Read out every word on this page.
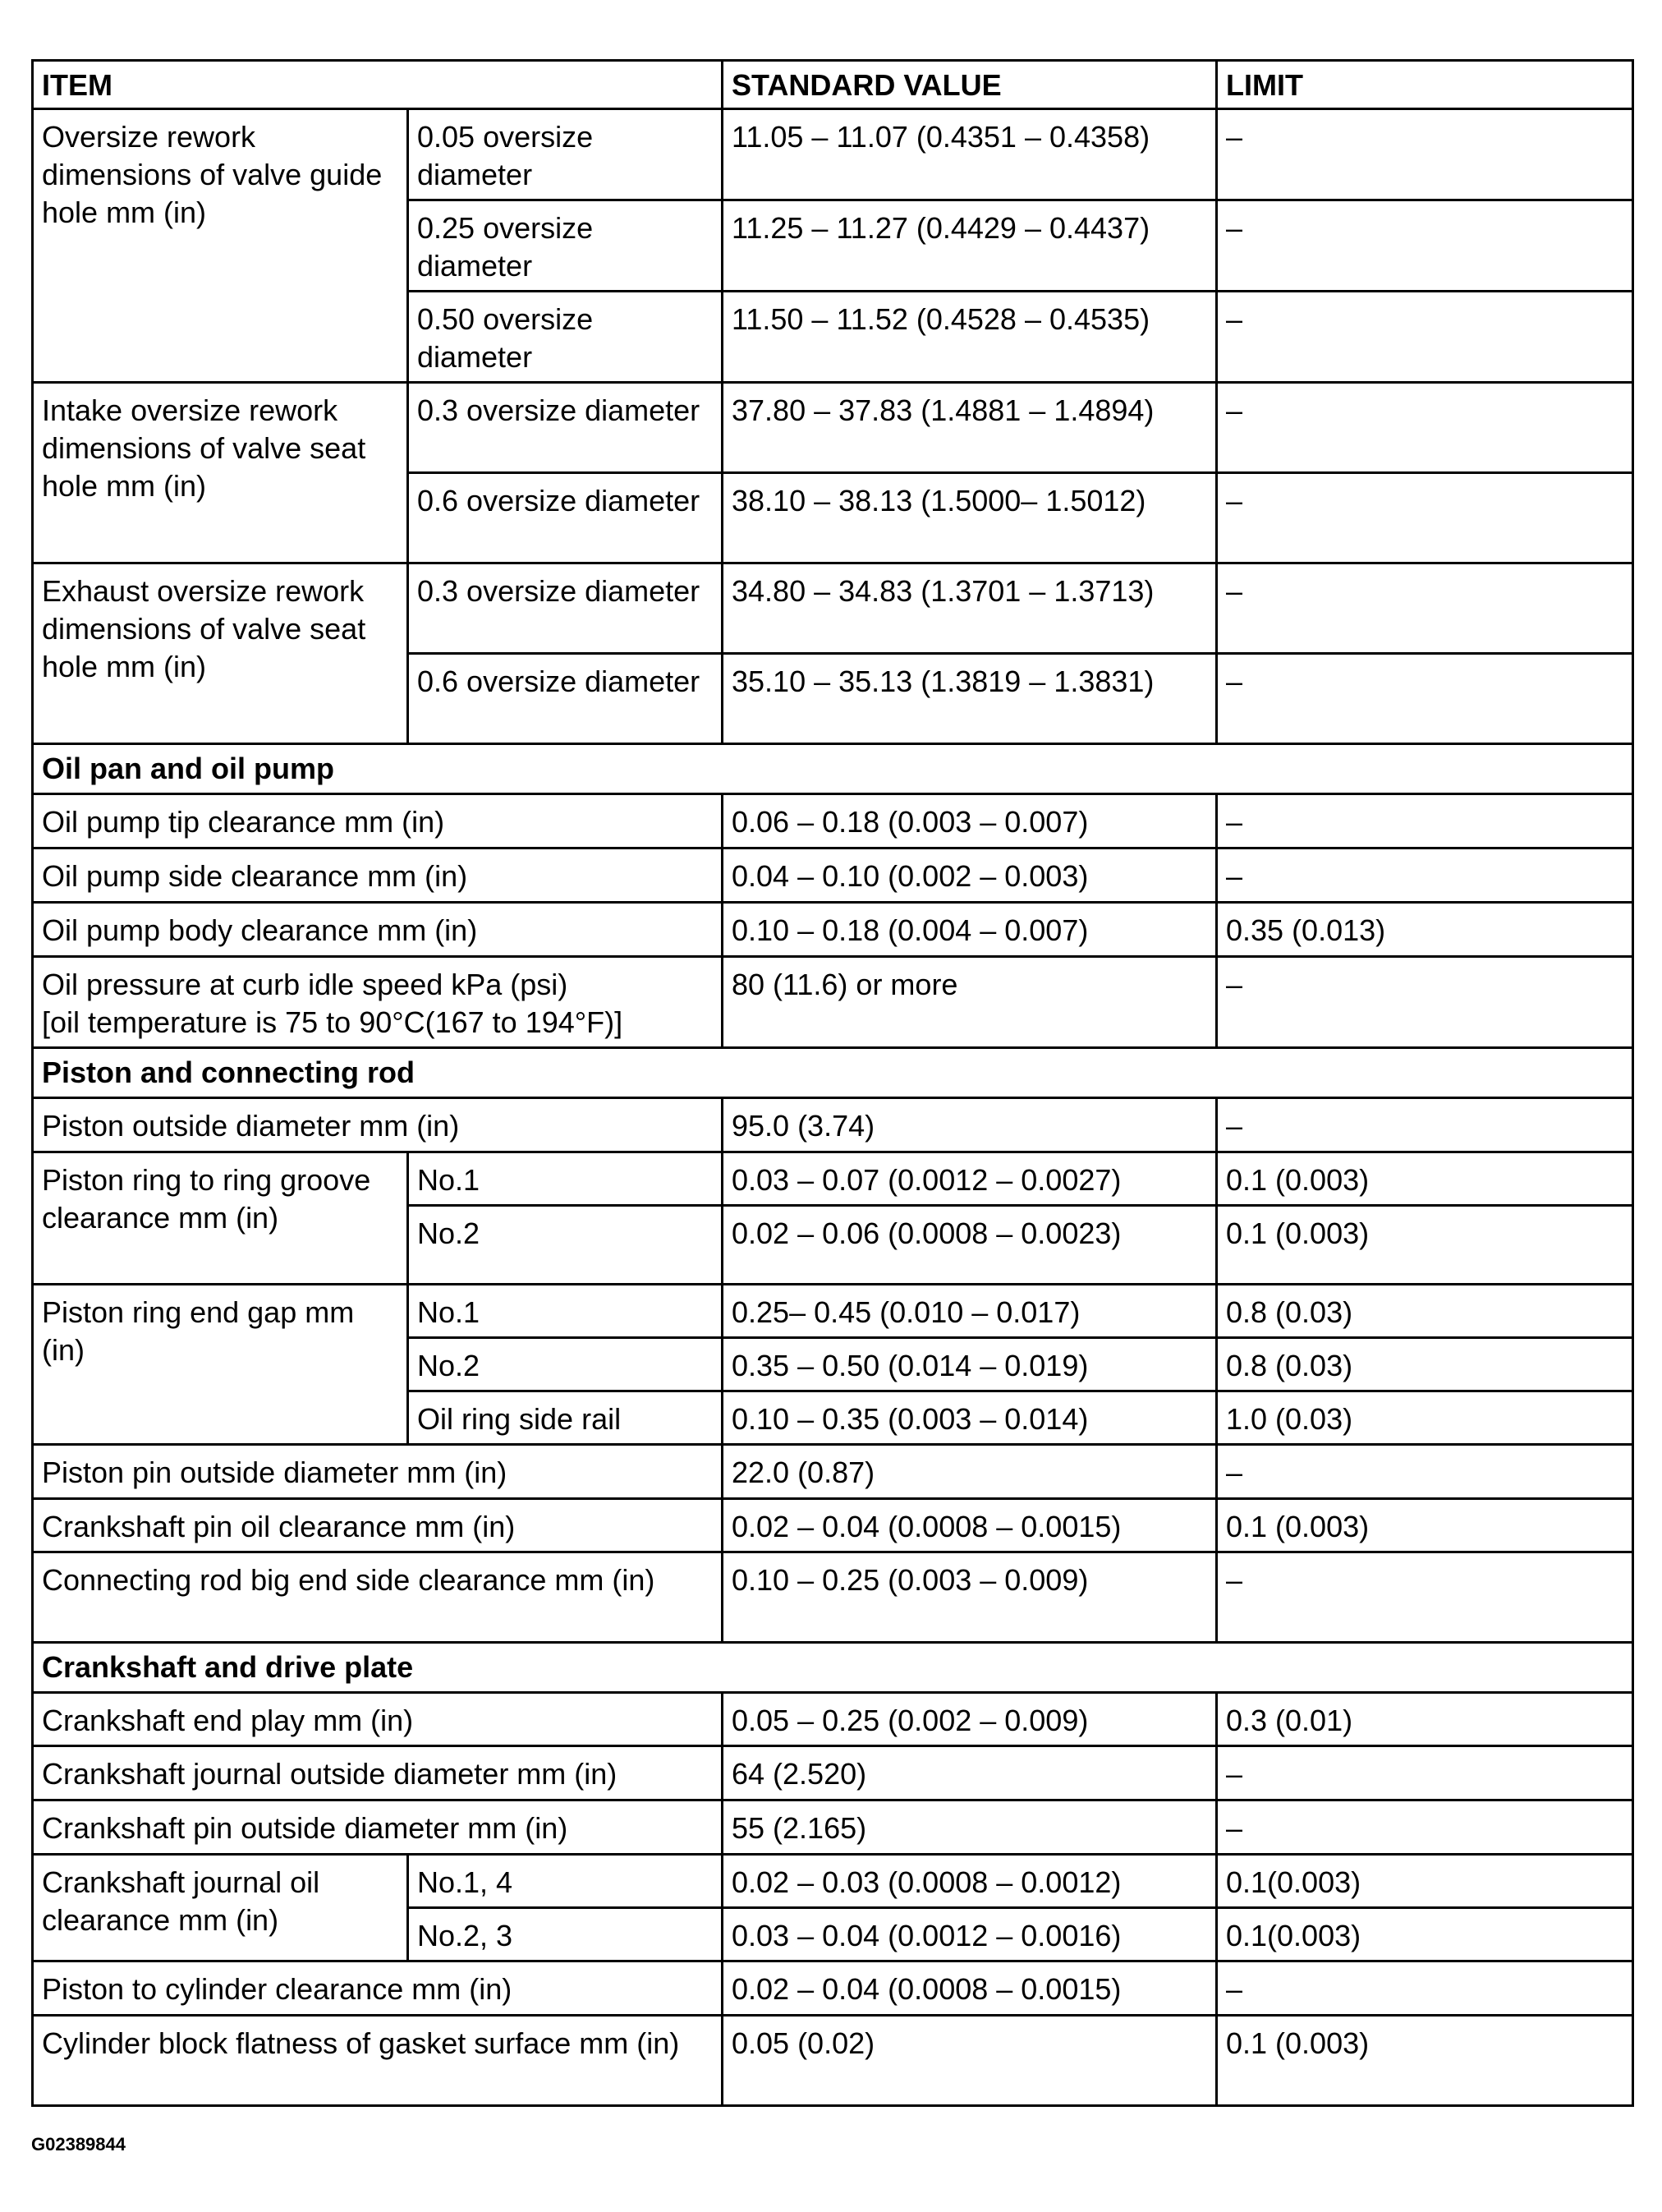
ITEM		STANDARD VALUE	LIMIT
Oversize rework dimensions of valve guide hole mm (in)	0.05 oversize diameter	11.05 – 11.07 (0.4351 – 0.4358)	–
	0.25 oversize diameter	11.25 – 11.27 (0.4429 – 0.4437)	–
	0.50 oversize diameter	11.50 – 11.52 (0.4528 – 0.4535)	–
Intake oversize rework dimensions of valve seat hole mm (in)	0.3 oversize diameter	37.80 – 37.83 (1.4881 – 1.4894)	–
	0.6 oversize diameter	38.10 – 38.13 (1.5000– 1.5012)	–
Exhaust oversize rework dimensions of valve seat hole mm (in)	0.3 oversize diameter	34.80 – 34.83 (1.3701 – 1.3713)	–
	0.6 oversize diameter	35.10 – 35.13 (1.3819 – 1.3831)	–
Oil pan and oil pump			
Oil pump tip clearance mm (in)		0.06 – 0.18 (0.003 – 0.007)	–
Oil pump side clearance mm (in)		0.04 – 0.10 (0.002 – 0.003)	–
Oil pump body clearance mm (in)		0.10 – 0.18 (0.004 – 0.007)	0.35 (0.013)

Oil pressure at curb idle speed kPa (psi)
[oil temperature is 75 to 90°C(167 to 194°F)]		80 (11.6) or more	–
Piston and connecting rod			
Piston outside diameter mm (in)		95.0 (3.74)	–
Piston ring to ring groove clearance mm (in)	No.1	0.03 – 0.07 (0.0012 – 0.0027)	0.1 (0.003)
	No.2	0.02 – 0.06 (0.0008 – 0.0023)	0.1 (0.003)
Piston ring end gap mm (in)	No.1	0.25– 0.45 (0.010 – 0.017)	0.8 (0.03)
	No.2	0.35 – 0.50 (0.014 – 0.019)	0.8 (0.03)
	Oil ring side rail	0.10 – 0.35 (0.003 – 0.014)	1.0 (0.03)
Piston pin outside diameter mm (in)		22.0 (0.87)	–
Crankshaft pin oil clearance mm (in)		0.02 – 0.04 (0.0008 – 0.0015)	0.1 (0.003)
Connecting rod big end side clearance mm (in)		0.10 – 0.25 (0.003 – 0.009)	–
Crankshaft and drive plate			
Crankshaft end play mm (in)		0.05 – 0.25 (0.002 – 0.009)	0.3 (0.01)
Crankshaft journal outside diameter mm (in)		64 (2.520)	–
Crankshaft pin outside diameter mm (in)		55 (2.165)	–
Crankshaft journal oil clearance mm (in)	No.1, 4	0.02 – 0.03 (0.0008 – 0.0012)	0.1(0.003)
	No.2, 3	0.03 – 0.04 (0.0012 – 0.0016)	0.1(0.003)
Piston to cylinder clearance mm (in)		0.02 – 0.04 (0.0008 – 0.0015)	–
Cylinder block flatness of gasket surface mm (in)		0.05 (0.02)	0.1 (0.003)
G02389844
